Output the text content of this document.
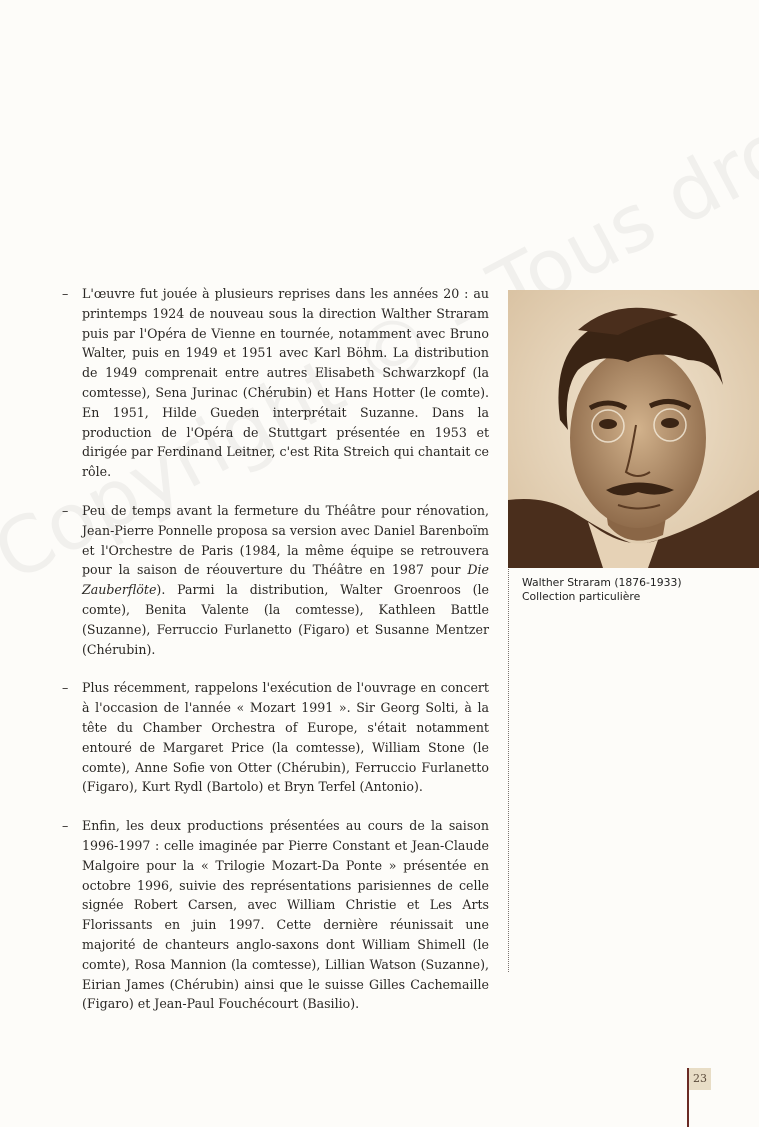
– L'œuvre fut jouée à plusieurs reprises dans les années 20 : au printemps 1924 de nouveau sous la direction Walther Straram puis par l'Opéra de Vienne en tournée, notamment avec Bruno Walter, puis en 1949 et 1951 avec Karl Böhm. La distribution de 1949 comprenait entre autres Elisabeth Schwarzkopf (la comtesse), Sena Jurinac (Chérubin) et Hans Hotter (le comte). En 1951, Hilde Gueden interprétait Suzanne. Dans la production de l'Opéra de Stuttgart présentée en 1953 et dirigée par Ferdinand Leitner, c'est Rita Streich qui chantait ce rôle.

– Peu de temps avant la fermeture du Théâtre pour rénovation, Jean-Pierre Ponnelle proposa sa version avec Daniel Barenboïm et l'Orchestre de Paris (1984, la même équipe se retrouvera pour la saison de réouverture du Théâtre en 1987 pour Die Zauberflöte). Parmi la distribution, Walter Groenroos (le comte), Benita Valente (la comtesse), Kathleen Battle (Suzanne), Ferruccio Furlanetto (Figaro) et Susanne Mentzer (Chérubin).

– Plus récemment, rappelons l'exécution de l'ouvrage en concert à l'occasion de l'année « Mozart 1991 ». Sir Georg Solti, à la tête du Chamber Orchestra of Europe, s'était notamment entouré de Margaret Price (la comtesse), William Stone (le comte), Anne Sofie von Otter (Chérubin), Ferruccio Furlanetto (Figaro), Kurt Rydl (Bartolo) et Bryn Terfel (Antonio).

– Enfin, les deux productions présentées au cours de la saison 1996-1997 : celle imaginée par Pierre Constant et Jean-Claude Malgoire pour la « Trilogie Mozart-Da Ponte » présentée en octobre 1996, suivie des représentations parisiennes de celle signée Robert Carsen, avec William Christie et Les Arts Florissants en juin 1997. Cette dernière réunissait une majorité de chanteurs anglo-saxons dont William Shimell (le comte), Rosa Mannion (la comtesse), Lillian Watson (Suzanne), Eirian James (Chérubin) ainsi que le suisse Gilles Cachemaille (Figaro) et Jean-Paul Fouchécourt (Basilio).

Walther Straram (1876-1933)
Collection particulière
23
